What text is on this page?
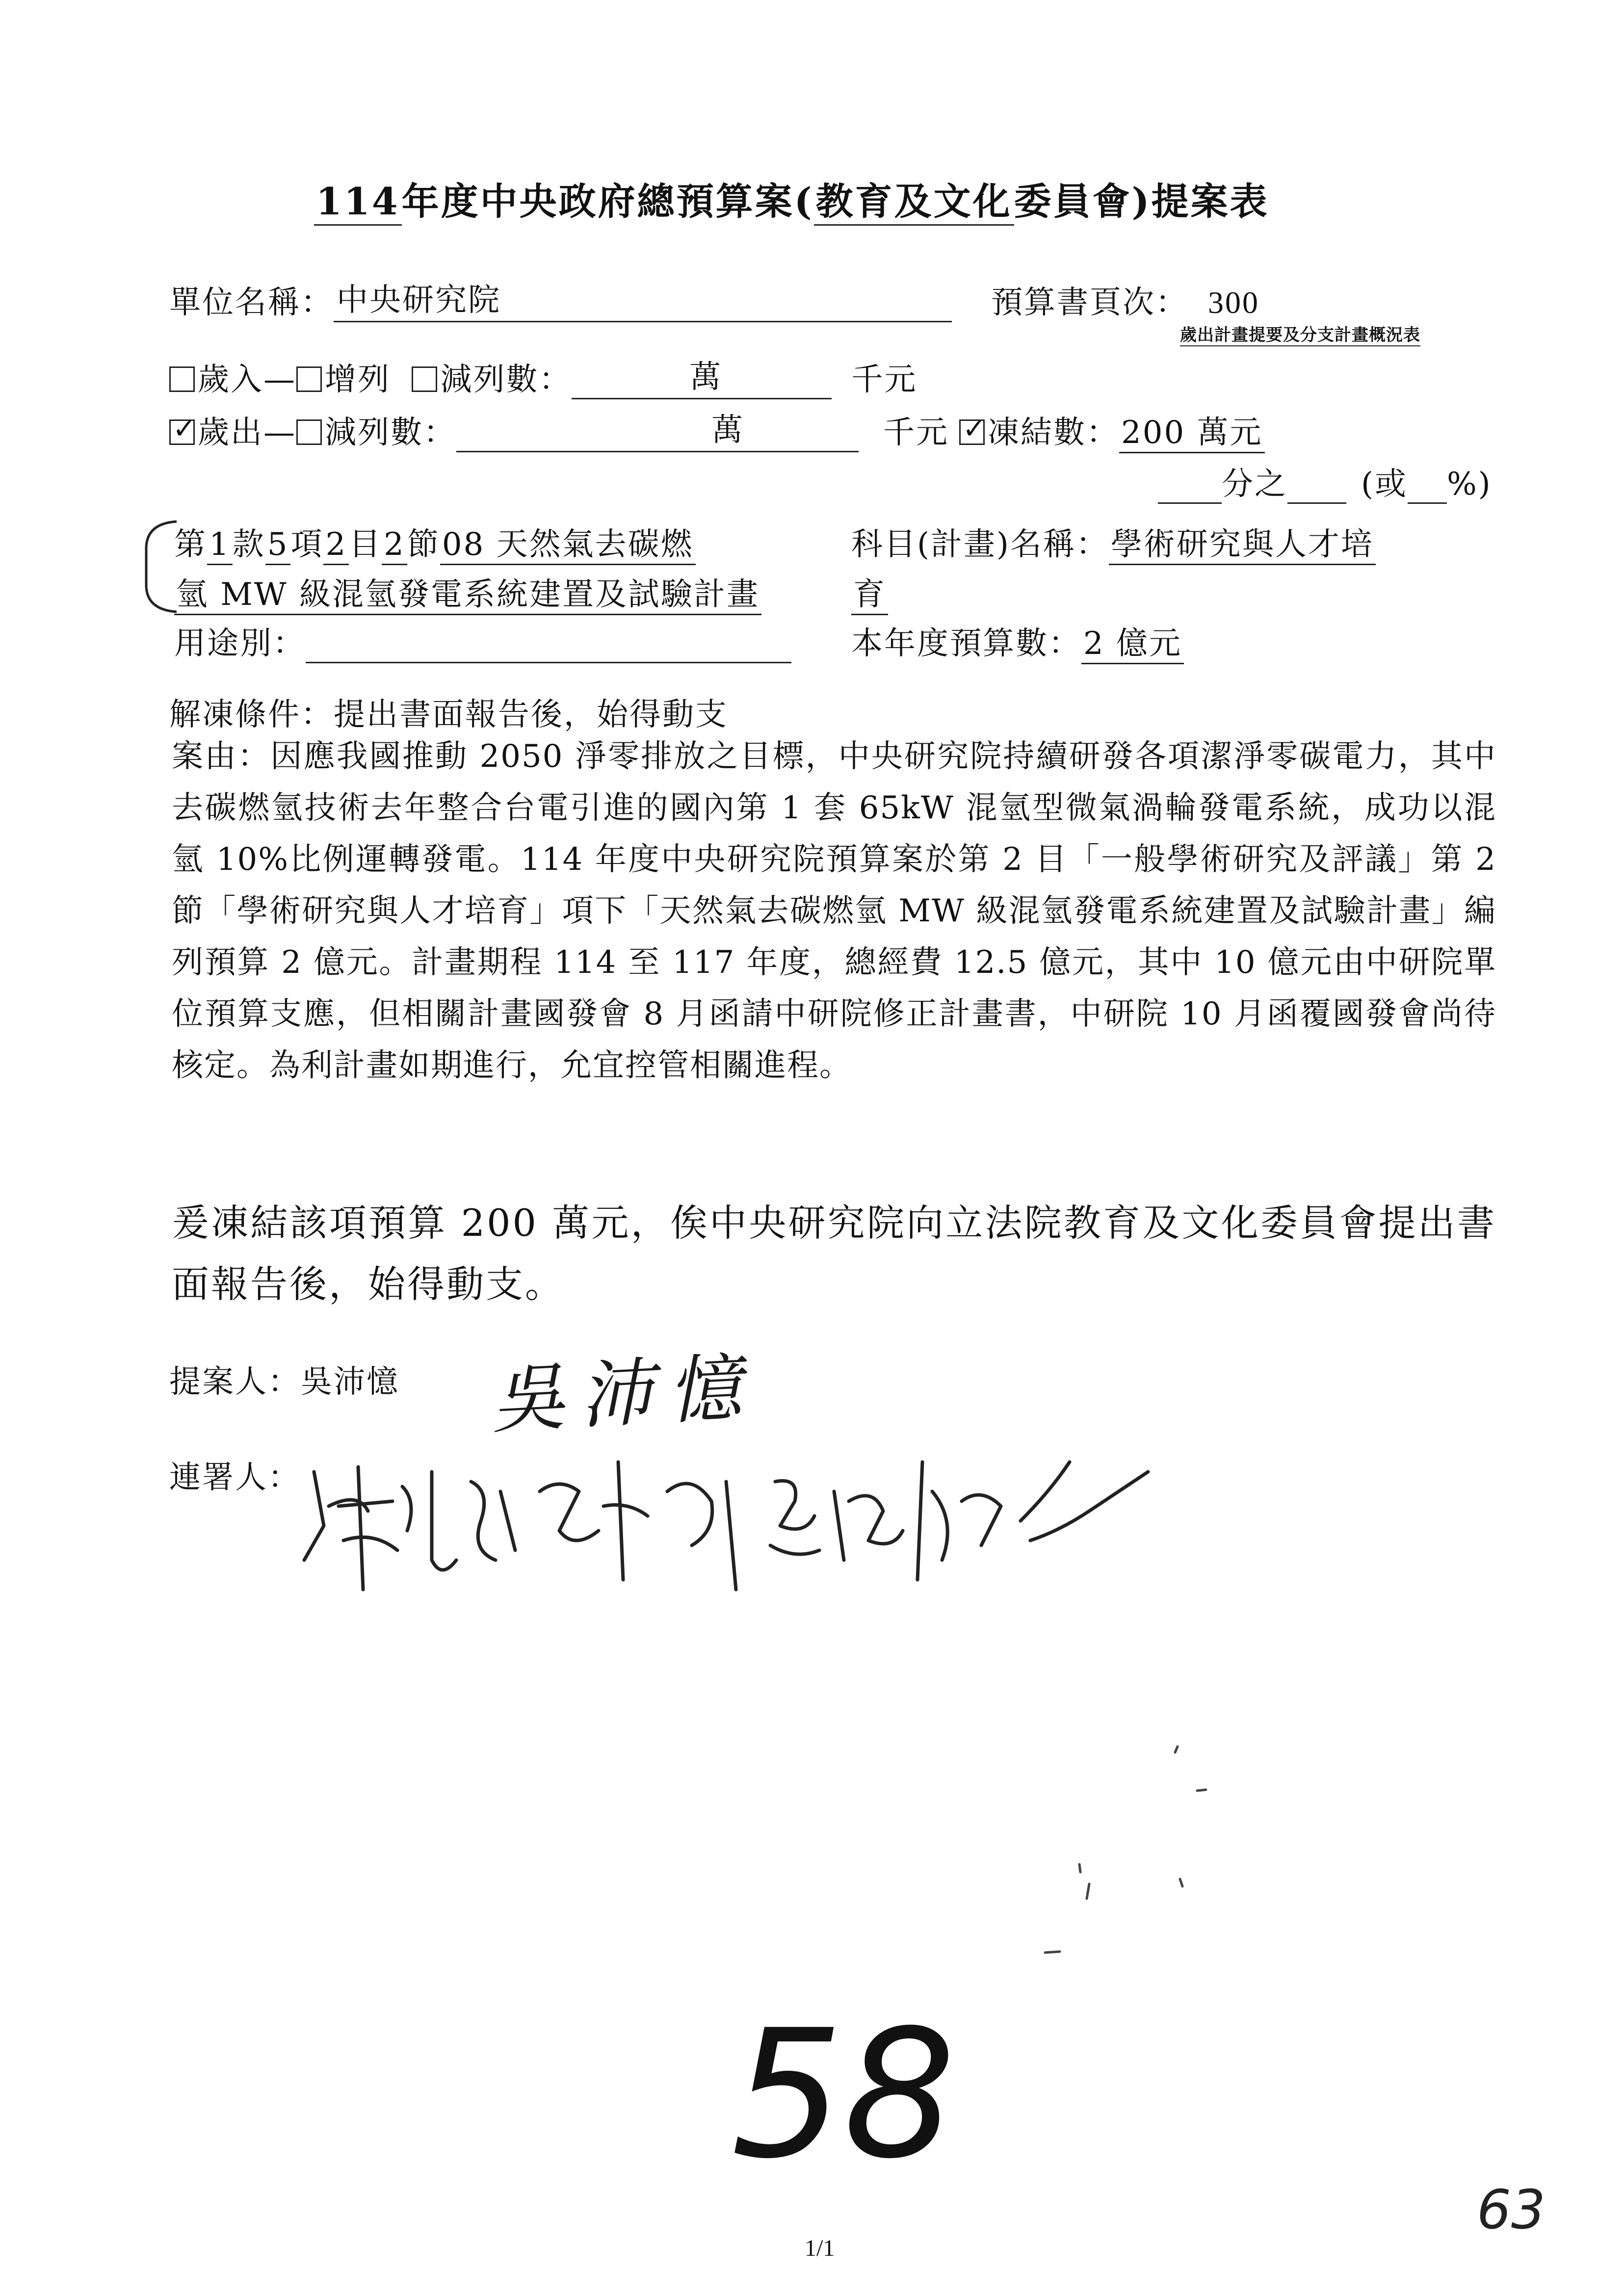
114年度中央政府總預算案(教育及文化委員會)提案表
單位名稱： 中央研究院	預算書頁次： 300
歲出計畫提要及分支計畫概況表
歲入— 增列 減列數：	萬	千元
✓歲出— 減列數：	萬	千元
✓	凍結數：200 萬元
分之 (或 %)
第1款5項2目2節08 天然氣去碳燃	科目(計畫)名稱：學術研究與人才培
氫 MW 級混氫發電系統建置及試驗計畫	育
用途別：	本年度預算數：2 億元
解凍條件：提出書面報告後，始得動支
案由：因應我國推動 2050 淨零排放之目標，中央研究院持續研發各項潔淨零碳電力，其中去碳燃氫技術去年整合台電引進的國內第 1 套 65kW 混氫型微氣渦輪發電系統，成功以混氫 10%比例運轉發電。114 年度中央研究院預算案於第 2 目「一般學術研究及評議」第 2 節「學術研究與人才培育」項下「天然氣去碳燃氫 MW 級混氫發電系統建置及試驗計畫」編列預算 2 億元。計畫期程 114 至 117 年度，總經費 12.5 億元，其中 10 億元由中研院單位預算支應，但相關計畫國發會 8 月函請中研院修正計畫書，中研院 10 月函覆國發會尚待核定。為利計畫如期進行，允宜控管相關進程。
爰凍結該項預算 200 萬元，俟中央研究院向立法院教育及文化委員會提出書面報告後，始得動支。
提案人：吳沛憶 吳沛憶
連署人：
58
63
1/1
